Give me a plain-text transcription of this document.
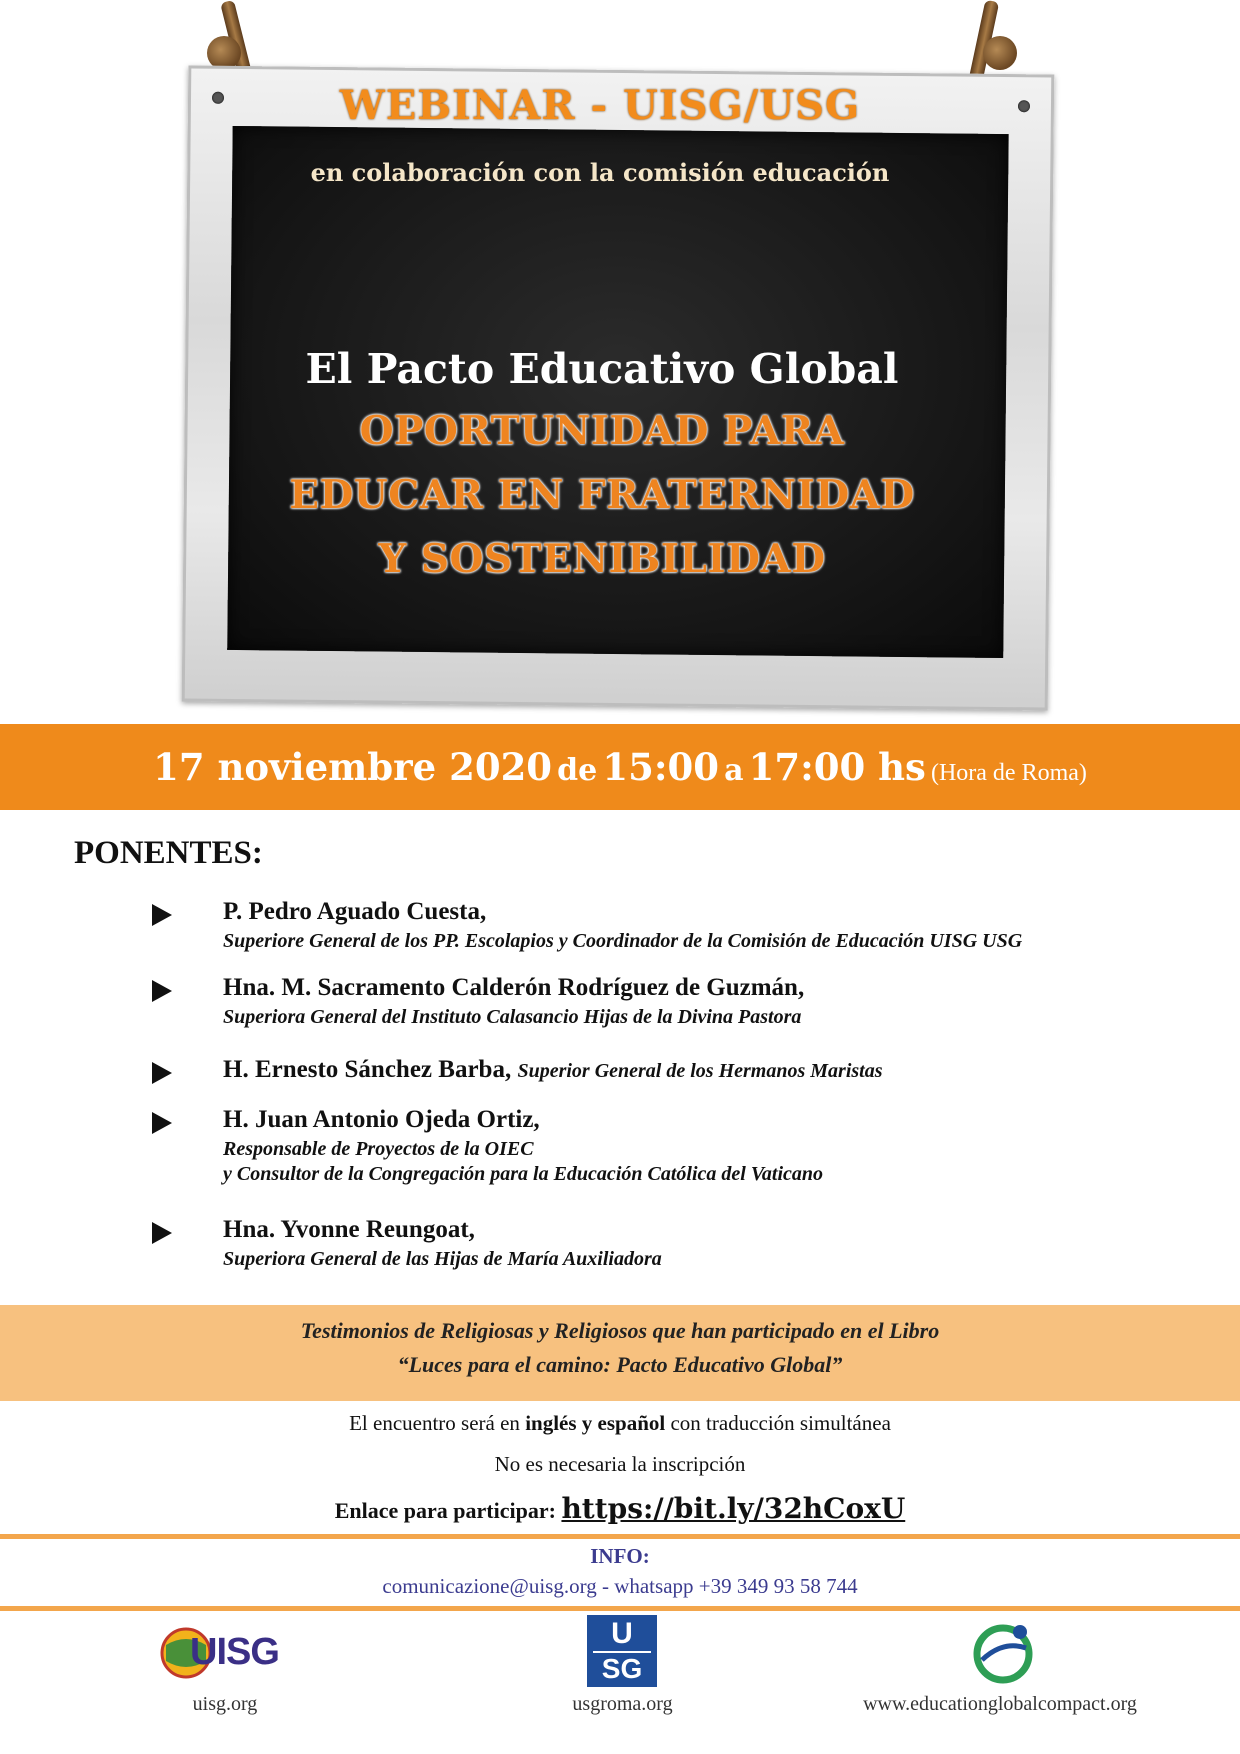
WEBINAR - UISG/USG
en colaboración con la comisión educación
El Pacto Educativo Global
OPORTUNIDAD PARA
EDUCAR EN FRATERNIDAD
Y SOSTENIBILIDAD
17 noviembre 2020 de 15:00 a 17:00 hs (Hora de Roma)
PONENTES:
P. Pedro Aguado Cuesta,
Superiore General de los PP. Escolapios y Coordinador de la Comisión de Educación UISG USG
Hna. M. Sacramento Calderón Rodríguez de Guzmán,
Superiora General del Instituto Calasancio Hijas de la Divina Pastora
H. Ernesto Sánchez Barba, Superior General de los Hermanos Maristas
H. Juan Antonio Ojeda Ortiz,
Responsable de Proyectos de la OIEC
y Consultor de la Congregación para la Educación Católica del Vaticano
Hna. Yvonne Reungoat,
Superiora General de las Hijas de María Auxiliadora
Testimonios de Religiosas y Religiosos que han participado en el Libro
“Luces para el camino: Pacto Educativo Global”
El encuentro será en inglés y español con traducción simultánea
No es necesaria la inscripción
Enlace para participar: https://bit.ly/32hCoxU
INFO:
comunicazione@uisg.org - whatsapp +39 349 93 58 744
UISG
uisg.org
U
SG
usgroma.org	www.educationglobalcompact.org
